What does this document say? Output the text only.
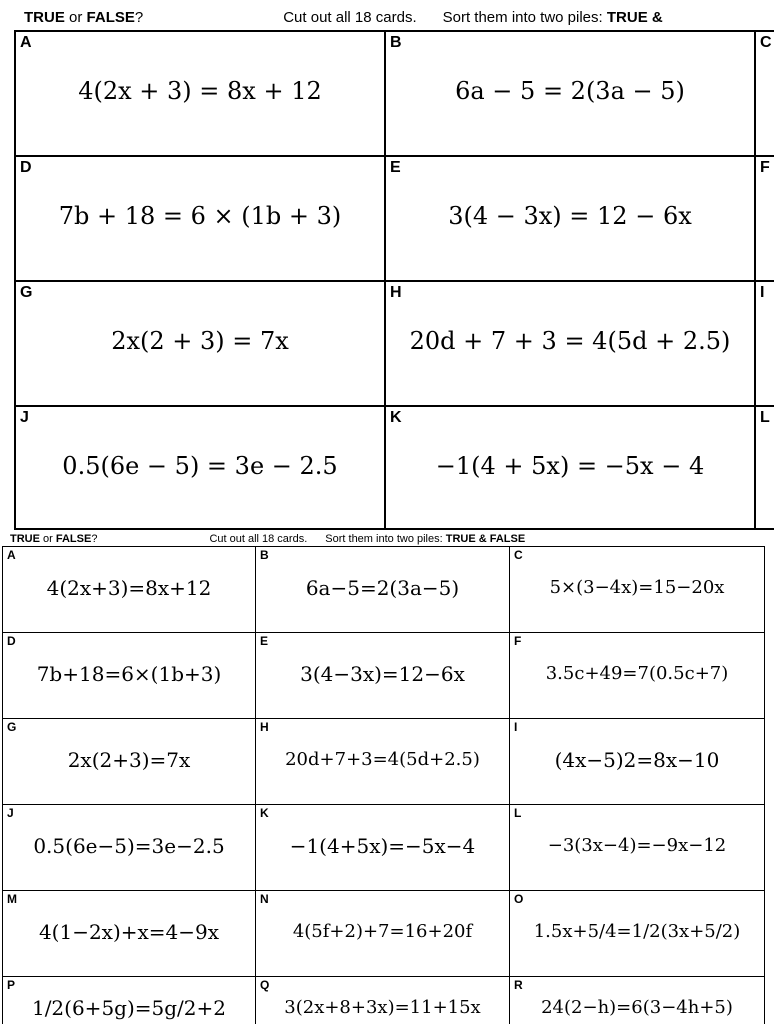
TRUE or FALSE?	Cut out all 18 cards. Sort them into two piles: TRUE &
A
4(2x + 3) = 8x + 12
B
6a − 5 = 2(3a − 5)
C
D
7b + 18 = 6 × (1b + 3)
E
3(4 − 3x) = 12 − 6x
F
G
2x(2 + 3) = 7x
H
20d + 7 + 3 = 4(5d + 2.5)
I
J
0.5(6e − 5) = 3e − 2.5
K
−1(4 + 5x) = −5x − 4
L
TRUE or FALSE?	Cut out all 18 cards. Sort them into two piles: TRUE & FALSE
A
4(2x+3)=8x+12
B
6a−5=2(3a−5)
C
5×(3−4x)=15−20x
D
7b+18=6×(1b+3)
E
3(4−3x)=12−6x
F
3.5c+49=7(0.5c+7)
G
2x(2+3)=7x
H
20d+7+3=4(5d+2.5)
I
(4x−5)2=8x−10
J
0.5(6e−5)=3e−2.5
K
−1(4+5x)=−5x−4
L
−3(3x−4)=−9x−12
M
4(1−2x)+x=4−9x
N
4(5f+2)+7=16+20f
O
1.5x+5/4=1/2(3x+5/2)
P
1/2(6+5g)=5g/2+2
Q
3(2x+8+3x)=11+15x
R
24(2−h)=6(3−4h+5)
